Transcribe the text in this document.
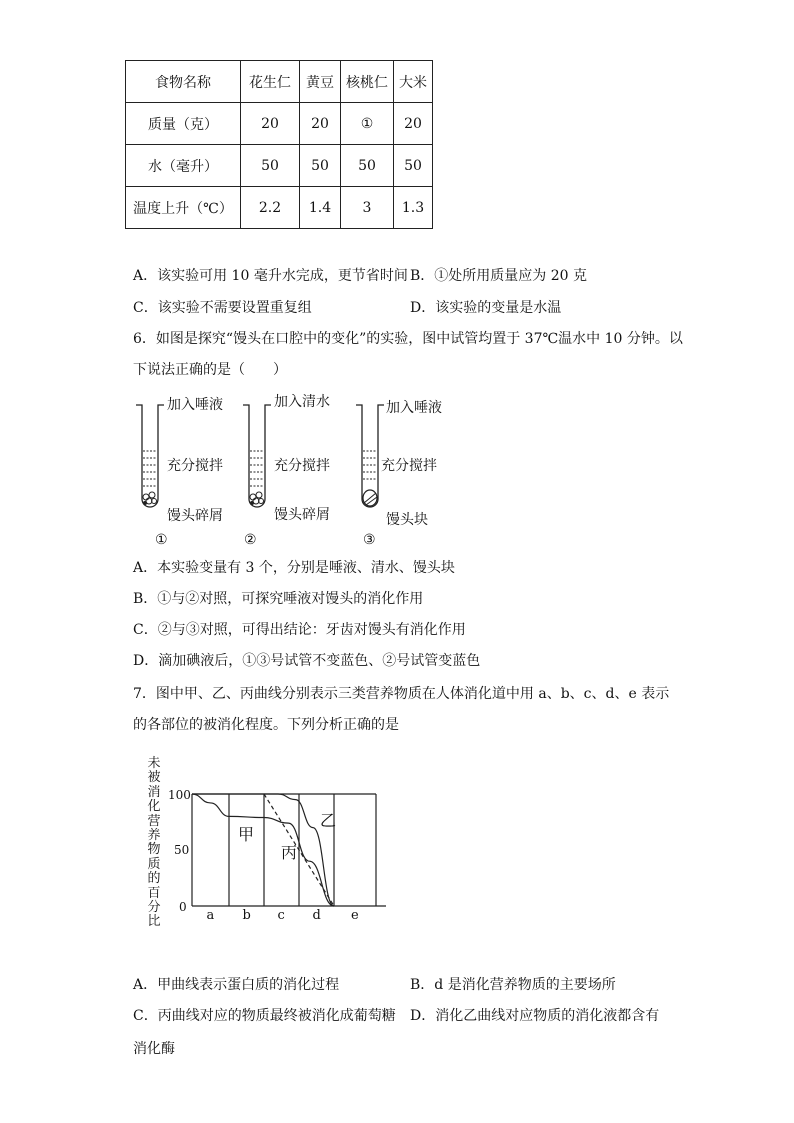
食物名称	花生仁	黄豆	核桃仁	大米
质量（克）	20	20	①	20
水（毫升）	50	50	50	50
温度上升（℃）	2.2	1.4	3	1.3
A．该实验可用 10 毫升水完成，更节省时间 B．①处所用质量应为 20 克
C．该实验不需要设置重复组	D．该实验的变量是水温
6．如图是探究“馒头在口腔中的变化”的实验，图中试管均置于 37℃温水中 10 分钟。以
下说法正确的是（　　）
加入唾液
充分搅拌
馒头碎屑
①
加入清水
充分搅拌
馒头碎屑
②
加入唾液
充分搅拌
馒头块
③
A．本实验变量有 3 个，分别是唾液、清水、馒头块
B．①与②对照，可探究唾液对馒头的消化作用
C．②与③对照，可得出结论：牙齿对馒头有消化作用
D．滴加碘液后，①③号试管不变蓝色、②号试管变蓝色
7．图中甲、乙、丙曲线分别表示三类营养物质在人体消化道中用 a、b、c、d、e 表示
的各部位的被消化程度。下列分析正确的是
未被消化营养物质的百分比
100
50
0
甲
乙
丙
a b c d e
A．甲曲线表示蛋白质的消化过程	B．d 是消化营养物质的主要场所
C．丙曲线对应的物质最终被消化成葡萄糖 D．消化乙曲线对应物质的消化液都含有
消化酶
